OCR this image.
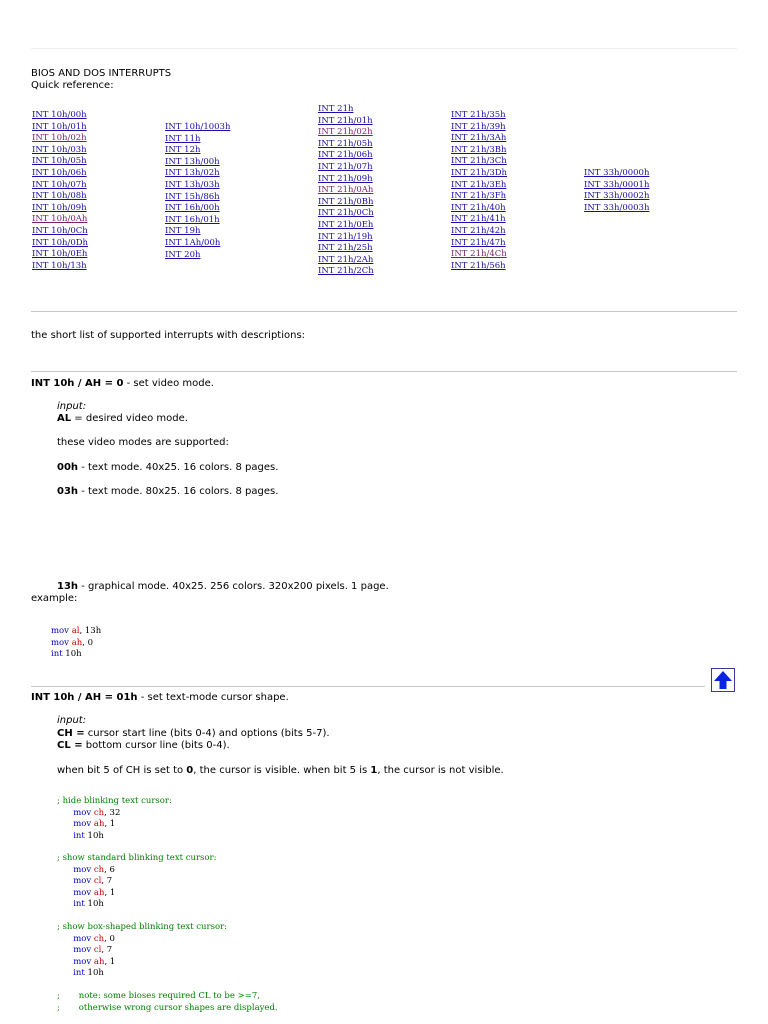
BIOS AND DOS INTERRUPTS
Quick reference:
INT 10h/00h
INT 10h/01h
INT 10h/02h
INT 10h/03h
INT 10h/05h
INT 10h/06h
INT 10h/07h
INT 10h/08h
INT 10h/09h
INT 10h/0Ah
INT 10h/0Ch
INT 10h/0Dh
INT 10h/0Eh
INT 10h/13h
INT 10h/1003h
INT 11h
INT 12h
INT 13h/00h
INT 13h/02h
INT 13h/03h
INT 15h/86h
INT 16h/00h
INT 16h/01h
INT 19h
INT 1Ah/00h
INT 20h
INT 21h
INT 21h/01h
INT 21h/02h
INT 21h/05h
INT 21h/06h
INT 21h/07h
INT 21h/09h
INT 21h/0Ah
INT 21h/0Bh
INT 21h/0Ch
INT 21h/0Eh
INT 21h/19h
INT 21h/25h
INT 21h/2Ah
INT 21h/2Ch
INT 21h/35h
INT 21h/39h
INT 21h/3Ah
INT 21h/3Bh
INT 21h/3Ch
INT 21h/3Dh
INT 21h/3Eh
INT 21h/3Fh
INT 21h/40h
INT 21h/41h
INT 21h/42h
INT 21h/47h
INT 21h/4Ch
INT 21h/56h
INT 33h/0000h
INT 33h/0001h
INT 33h/0002h
INT 33h/0003h
the short list of supported interrupts with descriptions:
INT 10h / AH = 0 - set video mode.
input:
AL = desired video mode.
these video modes are supported:
00h - text mode. 40x25. 16 colors. 8 pages.
03h - text mode. 80x25. 16 colors. 8 pages.
13h - graphical mode. 40x25. 256 colors. 320x200 pixels. 1 page.
example:
mov al, 13h
mov ah, 0
int 10h
INT 10h / AH = 01h - set text-mode cursor shape.
input:
CH = cursor start line (bits 0-4) and options (bits 5-7).
CL = bottom cursor line (bits 0-4).
when bit 5 of CH is set to 0, the cursor is visible. when bit 5 is 1, the cursor is not visible.
; hide blinking text cursor:
mov ch, 32
mov ah, 1
int 10h
; show standard blinking text cursor:
mov ch, 6
mov cl, 7
mov ah, 1
int 10h
; show box-shaped blinking text cursor:
mov ch, 0
mov cl, 7
mov ah, 1
int 10h
;       note: some bioses required CL to be >=7,
;       otherwise wrong cursor shapes are displayed.
